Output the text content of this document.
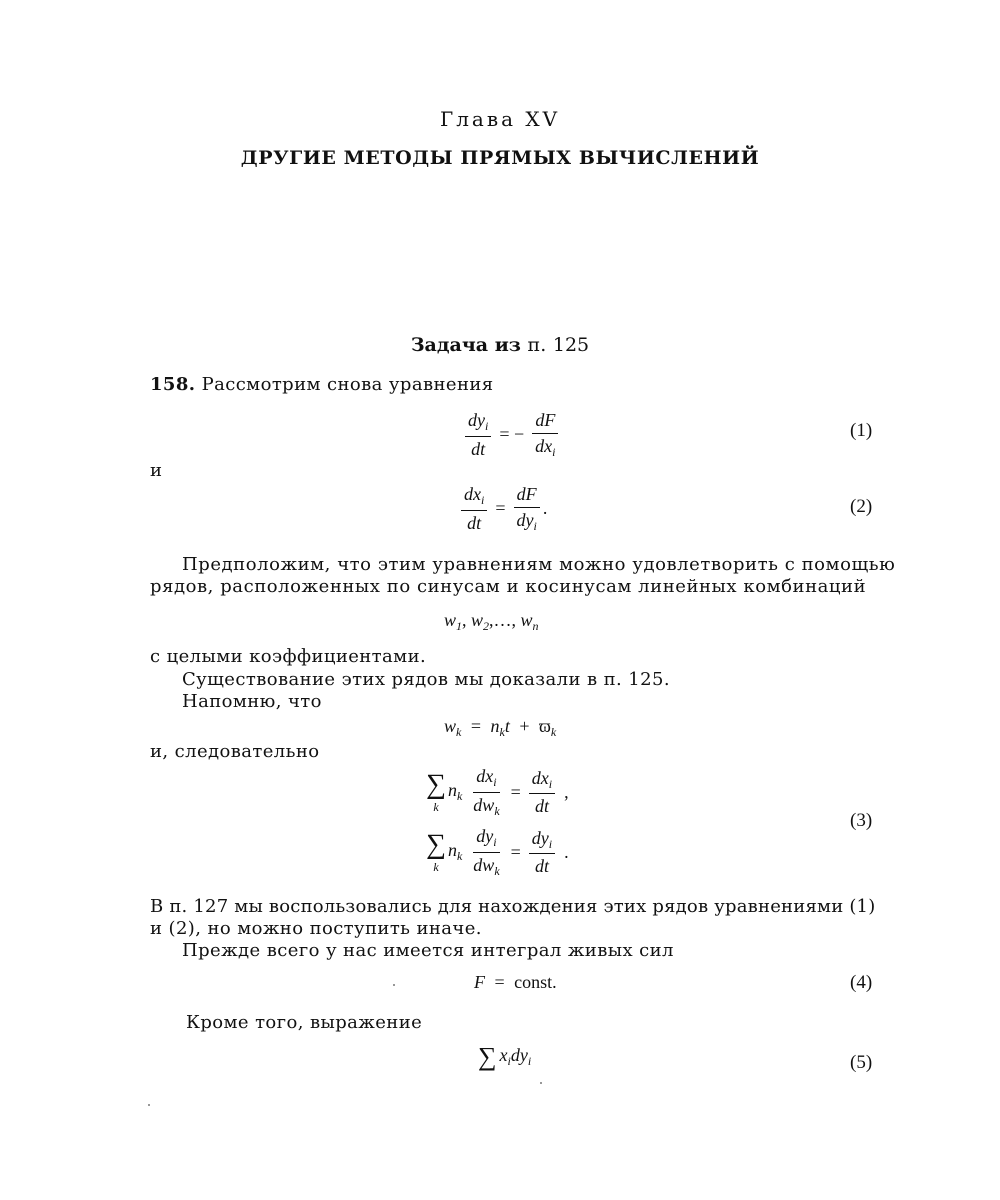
Глава XV
ДРУГИЕ МЕТОДЫ ПРЯМЫХ ВЫЧИСЛЕНИЙ
Задача из п. 125
158. Рассмотрим снова уравнения
$\frac{dy_i}{dt}$ = − $\frac{dF}{dx_i}$	(1)
и
$\frac{dx_i}{dt} = \frac{dF}{dy_i}$ .	(2)
Предположим, что этим уравнениям можно удовлетворить с помощью
рядов, расположенных по синусам и косинусам линейных комбинаций
$w_1$, $w_2,\dots$, $w_n$
с целыми коэффициентами.
Существование этих рядов мы доказали в п. 125.
Напомню, что
$w_k = n_kt + ϖ_k$
и, следовательно
∑
k
$n_k \frac{dx_i}{dw_k} = \frac{dx_i}{dt}$ ,
∑
k
$n_k \frac{dy_i}{dw_k} = \frac{dy_i}{dt}$ .
(3)
В п. 127 мы воспользовались для нахождения этих рядов уравнениями (1)
и (2), но можно поступить иначе.
Прежде всего у нас имеется интеграл живых сил
F = const.	(4)
Кроме того, выражение
∑ $x_idy_i$	(5)
